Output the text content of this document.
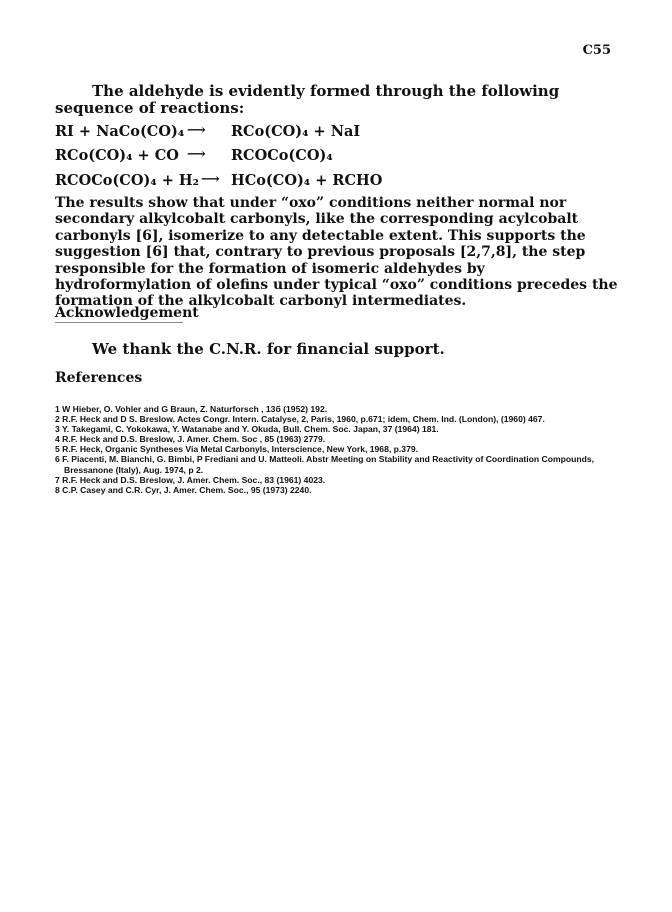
C55

The aldehyde is evidently formed through the following sequence of reactions:

RI + NaCo(CO)₄ ⟶ RCo(CO)₄ + NaI
RCo(CO)₄ + CO ⟶ RCOCo(CO)₄
RCOCo(CO)₄ + H₂ ⟶ HCo(CO)₄ + RCHO

The results show that under “oxo” conditions neither normal nor secondary alkylcobalt carbonyls, like the corresponding acylcobalt carbonyls [6], isomerize to any detectable extent. This supports the suggestion [6] that, contrary to previous proposals [2,7,8], the step responsible for the formation of isomeric aldehydes by hydroformylation of olefins under typical “oxo” conditions precedes the formation of the alkylcobalt carbonyl intermediates.

Acknowledgement

We thank the C.N.R. for financial support.

References
1 W Hieber, O. Vohler and G Braun, Z. Naturforsch , 13б (1952) 192.
2 R.F. Heck and D S. Breslow. Actes Congr. Intern. Catalyse, 2, Paris, 1960, p.671; idem, Chem. Ind. (London), (1960) 467.
3 Y. Takegami, C. Yokokawa, Y. Watanabe and Y. Okuda, Bull. Chem. Soc. Japan, 37 (1964) 181.
4 R.F. Heck and D.S. Breslow, J. Amer. Chem. Soc , 85 (1963) 2779.
5 R.F. Heck, Organic Syntheses Via Metal Carbonyls, Interscience, New York, 1968, p.379.
6 F. Piacenti, M. Bianchi, G. Bimbi, P Frediani and U. Matteoli. Abstr Meeting on Stability and Reactivity of Coordination Compounds, Bressanone (Italy), Aug. 1974, p 2.
7 R.F. Heck and D.S. Breslow, J. Amer. Chem. Soc., 83 (1961) 4023.
8 C.P. Casey and C.R. Cyr, J. Amer. Chem. Soc., 95 (1973) 2240.
